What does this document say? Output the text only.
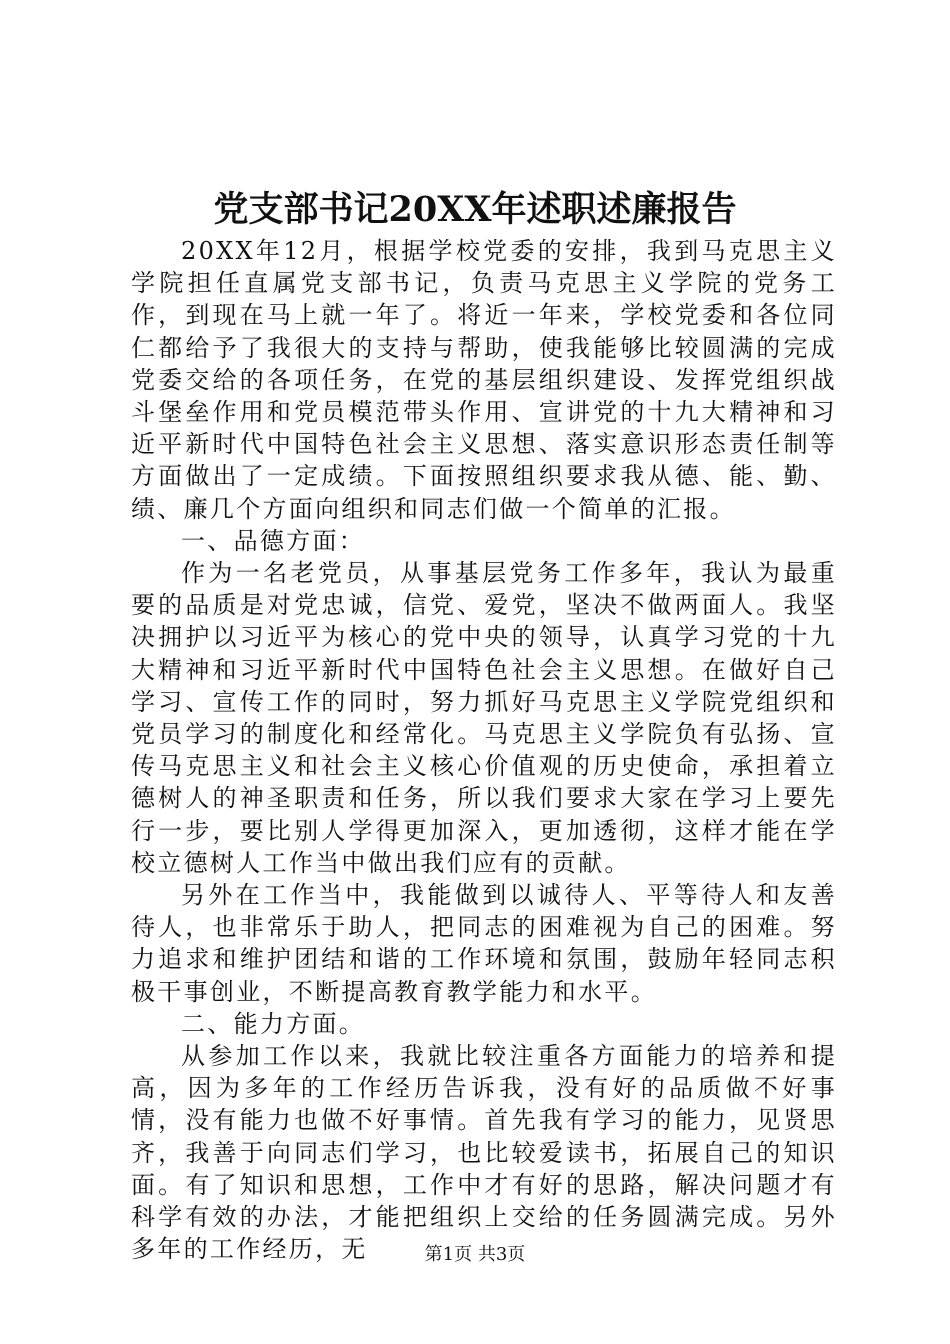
党支部书记20XX年述职述廉报告

20XX年12月，根据学校党委的安排，我到马克思主义学院担任直属党支部书记，负责马克思主义学院的党务工作，到现在马上就一年了。将近一年来，学校党委和各位同仁都给予了我很大的支持与帮助，使我能够比较圆满的完成党委交给的各项任务，在党的基层组织建设、发挥党组织战斗堡垒作用和党员模范带头作用、宣讲党的十九大精神和习近平新时代中国特色社会主义思想、落实意识形态责任制等方面做出了一定成绩。下面按照组织要求我从德、能、勤、绩、廉几个方面向组织和同志们做一个简单的汇报。

一、品德方面：

作为一名老党员，从事基层党务工作多年，我认为最重要的品质是对党忠诚，信党、爱党，坚决不做两面人。我坚决拥护以习近平为核心的党中央的领导，认真学习党的十九大精神和习近平新时代中国特色社会主义思想。在做好自己学习、宣传工作的同时，努力抓好马克思主义学院党组织和党员学习的制度化和经常化。马克思主义学院负有弘扬、宣传马克思主义和社会主义核心价值观的历史使命，承担着立德树人的神圣职责和任务，所以我们要求大家在学习上要先行一步，要比别人学得更加深入，更加透彻，这样才能在学校立德树人工作当中做出我们应有的贡献。

另外在工作当中，我能做到以诚待人、平等待人和友善待人，也非常乐于助人，把同志的困难视为自己的困难。努力追求和维护团结和谐的工作环境和氛围，鼓励年轻同志积极干事创业，不断提高教育教学能力和水平。

二、能力方面。

从参加工作以来，我就比较注重各方面能力的培养和提高，因为多年的工作经历告诉我，没有好的品质做不好事情，没有能力也做不好事情。首先我有学习的能力，见贤思齐，我善于向同志们学习，也比较爱读书，拓展自己的知识面。有了知识和思想，工作中才有好的思路，解决问题才有科学有效的办法，才能把组织上交给的任务圆满完成。另外多年的工作经历，无	第1页 共3页
